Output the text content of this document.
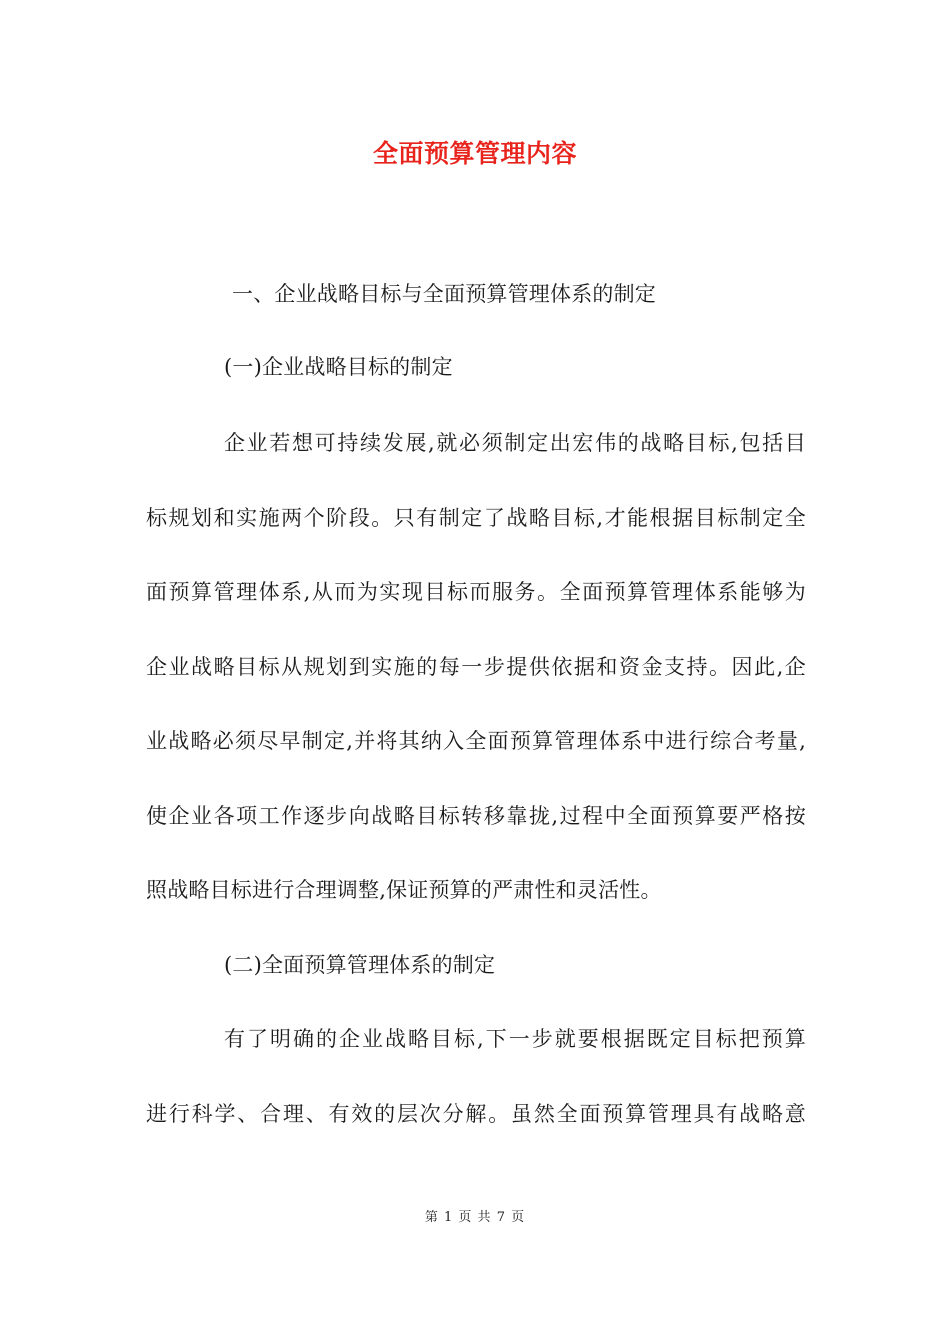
全面预算管理内容
一、企业战略目标与全面预算管理体系的制定
(一)企业战略目标的制定
企业若想可持续发展,就必须制定出宏伟的战略目标,包括目
标规划和实施两个阶段。只有制定了战略目标,才能根据目标制定全
面预算管理体系,从而为实现目标而服务。全面预算管理体系能够为
企业战略目标从规划到实施的每一步提供依据和资金支持。因此,企
业战略必须尽早制定,并将其纳入全面预算管理体系中进行综合考量,
使企业各项工作逐步向战略目标转移靠拢,过程中全面预算要严格按
照战略目标进行合理调整,保证预算的严肃性和灵活性。
(二)全面预算管理体系的制定
有了明确的企业战略目标,下一步就要根据既定目标把预算
进行科学、合理、有效的层次分解。虽然全面预算管理具有战略意
第 1 页 共 7 页
